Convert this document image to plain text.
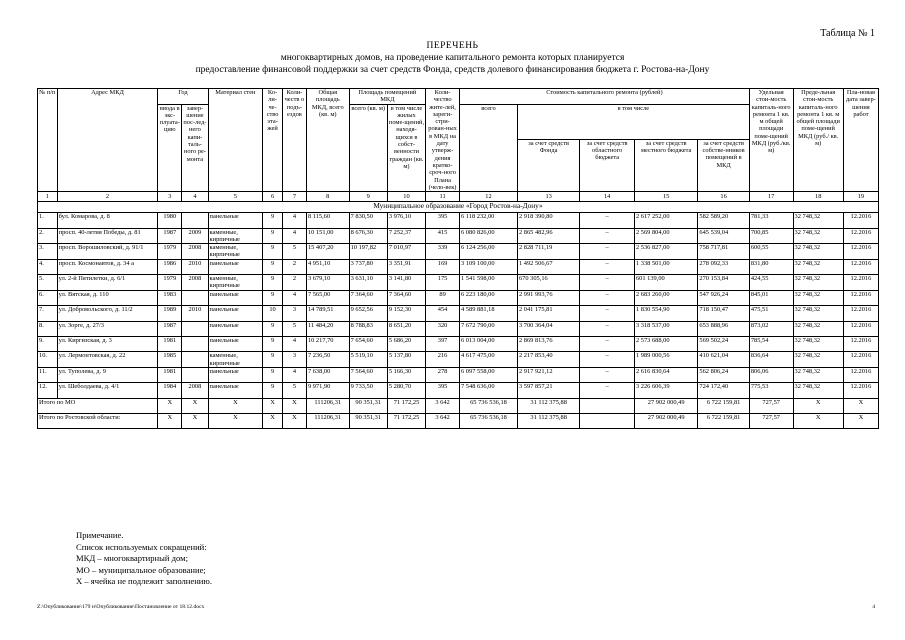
Таблица № 1
ПЕРЕЧЕНЬ
многоквартирных домов, на проведение капитального ремонта которых планируется
предоставление финансовой поддержки за счет средств Фонда, средств долевого финансирования бюджета г. Ростова-на-Дону
№ п/п	Адрес МКД	Год		Материал стен	Ко-ли-че-ство эта-жей	Коли-честв о подъ-ездов	Общая площадь МКД, всего (кв. м)	Площадь помещений МКД		Коли-чество жите-лей, зареги-стри-рован-ных в МКД на дату утверж-дения кратко-сроч-ного Плана (чело-век)	Стоимость капитального ремонта (рублей)					Удельная стои-мость капиталь-ного ремонта 1 кв. м общей площади поме-щений МКД (руб./кв. м)	Преде-льная стои-мость капиталь-ного ремонта 1 кв. м общей площади поме-щений МКД (руб./ кв. м)	Пла-новая дата завер-шения работ
		ввода в экс-плуата-цию	завер-шение пос-лед-него капи-таль-ного ре-монта					всего (кв. м)	в том числе жилых поме-щений, находя-щихся в собст-венности граждан (кв. м)		всего	в том числе						
												за счет средств Фонда	за счет средств областного бюджета	за счет средств местного бюджета	за счет средств собстве-нников помещений в МКД			
1	2	3	4	5	6	7	8	9	10	11	12	13	14	15	16	17	18	19
Муниципальное образование «Город Ростов-на-Дону»																		
1.	бул. Комарова, д. 8	1980		панельные	9	4	8 115,60	7 830,50	3 976,10	395	6 118 232,00	2 918 390,80	–	2 617 252,00	582 589,20	781,33	32 748,32	12.2016
2.	просп. 40-летия Победы, д. 81	1987	2009	каменные, кирпичные	9	4	10 151,00	8 676,30	7 252,37	415	6 080 826,00	2 865 482,96	–	2 569 804,00	645 539,04	700,85	32 748,32	12.2016
3.	просп. Ворошиловский, д. 91/1	1979	2008	каменные, кирпичные	9	5	15 407,20	10 197,82	7 010,97	339	6 124 256,00	2 828 711,19	–	2 536 827,00	758 717,81	600,55	32 748,32	12.2016
4.	просп. Космонавтов, д. 34 а	1986	2010	панельные	9	2	4 951,10	3 737,80	3 351,91	169	3 109 100,00	1 492 506,67	–	1 338 501,00	278 092,33	831,80	32 748,32	12.2016
5.	ул. 2-й Пятилетки, д. 6/1	1979	2008	каменные, кирпичные	9	2	3 679,10	3 631,10	3 141,80	175	1 541 598,00	670 305,16	–	601 139,00	270 153,84	424,55	32 748,32	12.2016
6.	ул. Вятская, д. 110	1983		панельные	9	4	7 565,00	7 364,60	7 364,60	89	6 223 180,00	2 991 993,76	–	2 683 260,00	547 926,24	845,01	32 748,32	12.2016
7.	ул. Добровольского, д. 11/2	1989	2010	панельные	10	3	14 789,51	9 652,56	9 152,30	454	4 589 881,18	2 041 175,81	–	1 830 554,90	718 150,47	475,51	32 748,32	12.2016
8.	ул. Зорге, д. 27/3	1987		панельные	9	5	11 484,20	8 788,83	8 651,20	320	7 672 790,00	3 700 364,04	–	3 318 537,00	653 888,96	873,02	32 748,32	12.2016
9.	ул. Киргизская, д. 3	1981		панельные	9	4	10 217,70	7 654,60	5 686,20	397	6 013 004,00	2 869 813,76	–	2 573 688,00	569 502,24	785,54	32 748,32	12.2016
10.	ул. Лермонтовская, д. 22	1985		каменные, кирпичные	9	3	7 236,50	5 519,10	5 137,80	216	4 617 475,00	2 217 853,40	–	1 989 000,56	410 621,04	836,64	32 748,32	12.2016
11.	ул. Туполева, д. 9	1981		панельные	9	4	7 638,00	7 564,60	5 166,30	278	6 097 558,00	2 917 921,12	–	2 616 830,64	562 806,24	806,06	32 748,32	12.2016
12.	ул. Шеболдаева, д. 4/1	1984	2008	панельные	9	5	9 971,90	9 733,50	5 280,70	395	7 548 636,00	3 597 857,21	–	3 226 606,39	724 172,40	775,53	32 748,32	12.2016
Итого по МО		X	X	X	X	X	111206,31	90 351,31	71 172,25	3 642	65 736 536,18	31 112 375,88		27 902 000,49	6 722 159,81	727,57	X	X
Итого по Ростовской области:		X	X	X	X	X	111206,31	90 351,31	71 172,25	3 642	65 736 536,18	31 112 375,88		27 902 000,49	6 722 159,81	727,57	X	X
Примечание.
Список используемых сокращений:
МКД – многоквартирный дом;
МО – муниципальное образование;
X – ячейка не подлежит заполнению.
Z:\Опубликование\179 н\Опубликование\Постановление от 18.12.docx	4
